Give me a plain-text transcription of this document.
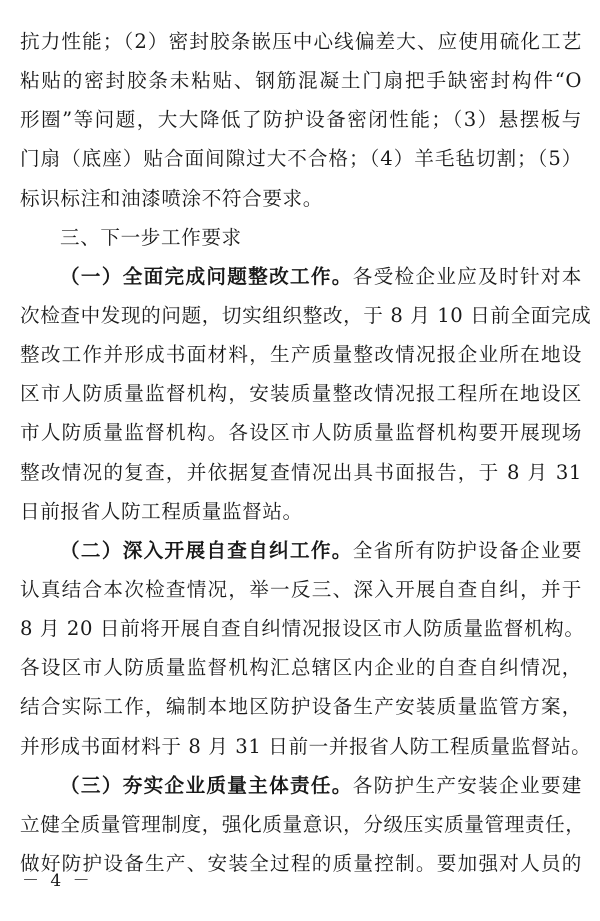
抗力性能；（2）密封胶条嵌压中心线偏差大、应使用硫化工艺
粘贴的密封胶条未粘贴、钢筋混凝土门扇把手缺密封构件“O
形圈”等问题，大大降低了防护设备密闭性能；（3）悬摆板与
门扇（底座）贴合面间隙过大不合格；（4）羊毛毡切割；（5）
标识标注和油漆喷涂不符合要求。
三、下一步工作要求
（一）全面完成问题整改工作。各受检企业应及时针对本
次检查中发现的问题，切实组织整改，于 8 月 10 日前全面完成
整改工作并形成书面材料，生产质量整改情况报企业所在地设
区市人防质量监督机构，安装质量整改情况报工程所在地设区
市人防质量监督机构。各设区市人防质量监督机构要开展现场
整改情况的复查，并依据复查情况出具书面报告，于 8 月 31
日前报省人防工程质量监督站。
（二）深入开展自查自纠工作。全省所有防护设备企业要
认真结合本次检查情况，举一反三、深入开展自查自纠，并于
8 月 20 日前将开展自查自纠情况报设区市人防质量监督机构。
各设区市人防质量监督机构汇总辖区内企业的自查自纠情况，
结合实际工作，编制本地区防护设备生产安装质量监管方案，
并形成书面材料于 8 月 31 日前一并报省人防工程质量监督站。
（三）夯实企业质量主体责任。各防护生产安装企业要建
立健全质量管理制度，强化质量意识，分级压实质量管理责任，
做好防护设备生产、安装全过程的质量控制。要加强对人员的
－ 4 －
